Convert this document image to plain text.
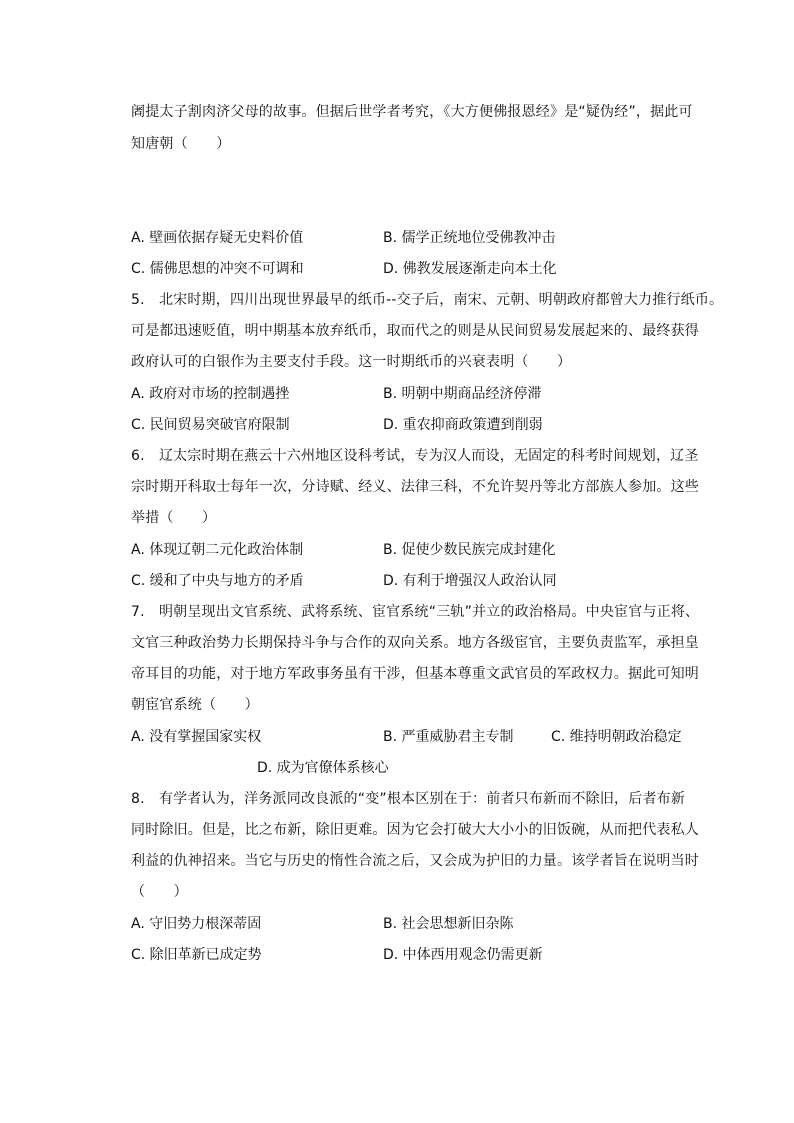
阇提太子割肉济父母的故事。但据后世学者考究，《大方便佛报恩经》是“疑伪经”，据此可
知唐朝（　　）
A. 壁画依据存疑无史料价值	B. 儒学正统地位受佛教冲击
C. 儒佛思想的冲突不可调和	D. 佛教发展逐渐走向本土化
5.　北宋时期，四川出现世界最早的纸币--交子后，南宋、元朝、明朝政府都曾大力推行纸币。
可是都迅速贬值，明中期基本放弃纸币，取而代之的则是从民间贸易发展起来的、最终获得
政府认可的白银作为主要支付手段。这一时期纸币的兴衰表明（　　）
A. 政府对市场的控制遇挫	B. 明朝中期商品经济停滞
C. 民间贸易突破官府限制	D. 重农抑商政策遭到削弱
6.　辽太宗时期在燕云十六州地区设科考试，专为汉人而设，无固定的科考时间规划，辽圣
宗时期开科取士每年一次，分诗赋、经义、法律三科，不允许契丹等北方部族人参加。这些
举措（　　）
A. 体现辽朝二元化政治体制	B. 促使少数民族完成封建化
C. 缓和了中央与地方的矛盾	D. 有利于增强汉人政治认同
7.　明朝呈现出文官系统、武将系统、宦官系统“三轨”并立的政治格局。中央宦官与正将、
文官三种政治势力长期保持斗争与合作的双向关系。地方各级宦官，主要负责监军，承担皇
帝耳目的功能，对于地方军政事务虽有干涉，但基本尊重文武官员的军政权力。据此可知明
朝宦官系统（　　）
A. 没有掌握国家实权	B. 严重威胁君主专制	C. 维持明朝政治稳定
D. 成为官僚体系核心
8.　有学者认为，洋务派同改良派的“变”根本区别在于：前者只布新而不除旧，后者布新
同时除旧。但是，比之布新，除旧更难。因为它会打破大大小小的旧饭碗，从而把代表私人
利益的仇神招来。当它与历史的惰性合流之后，又会成为护旧的力量。该学者旨在说明当时
（　　）
A. 守旧势力根深蒂固	B. 社会思想新旧杂陈
C. 除旧革新已成定势	D. 中体西用观念仍需更新
